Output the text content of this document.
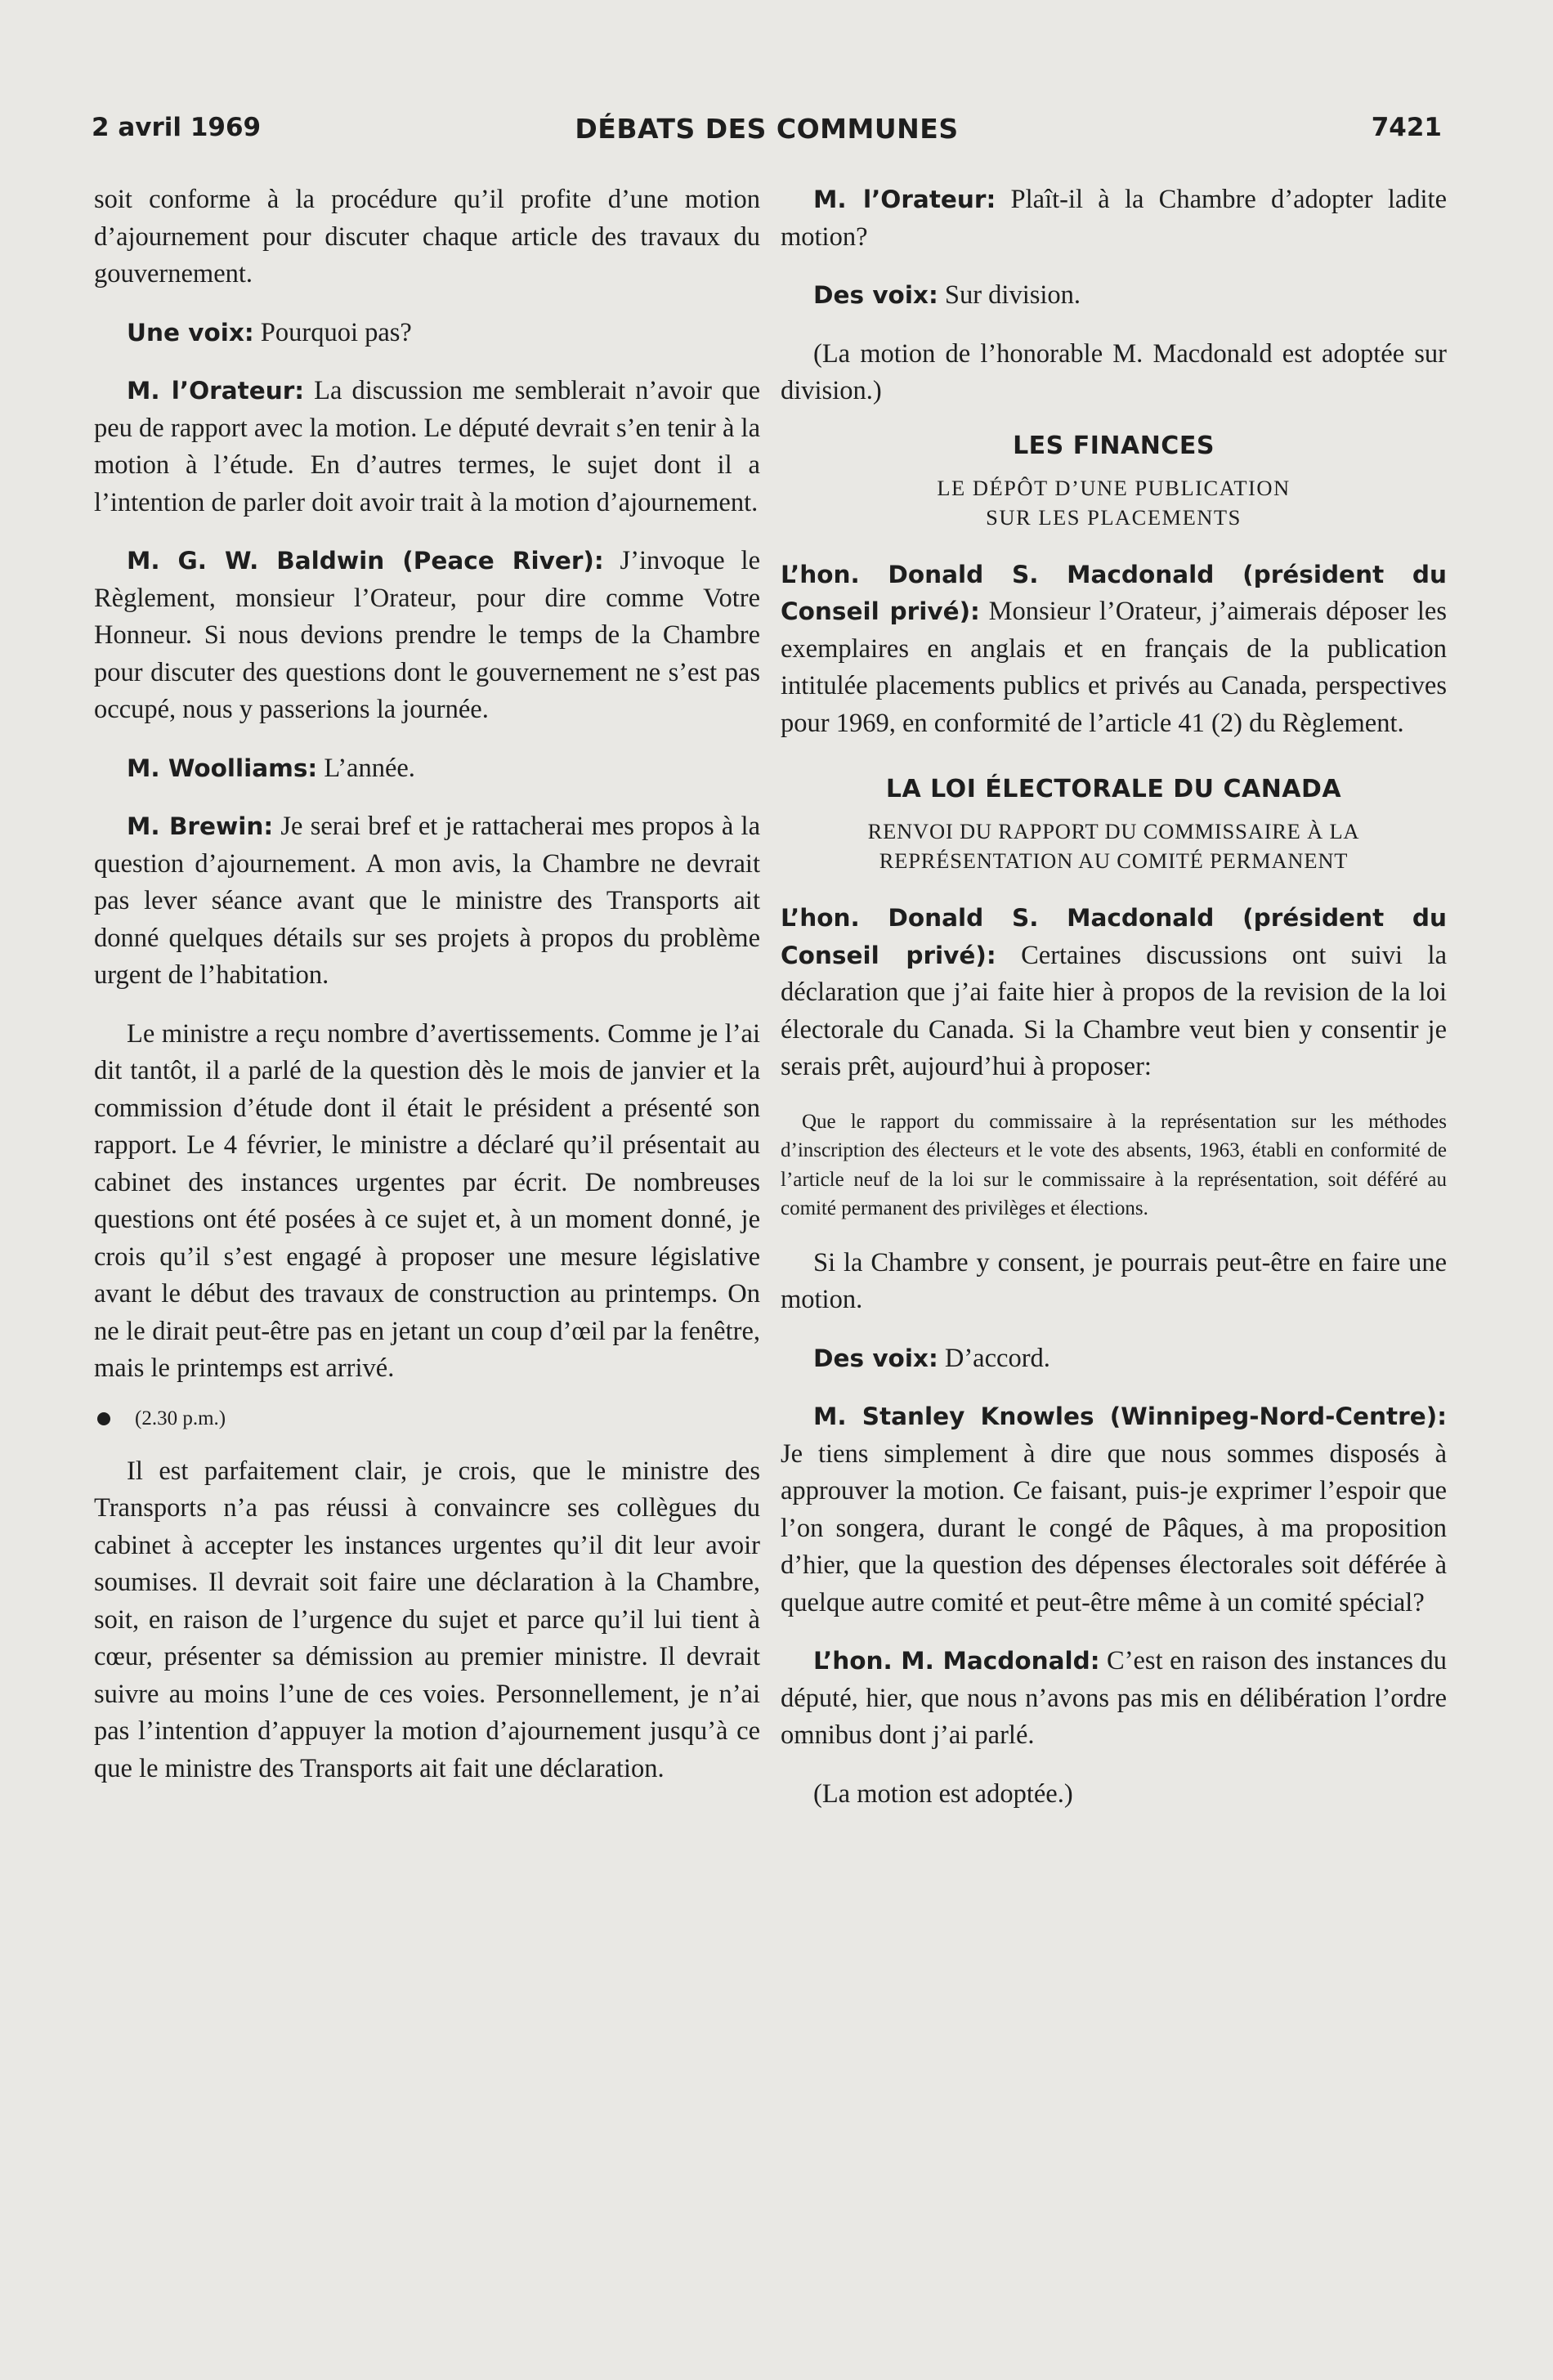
2 avril 1969	DÉBATS DES COMMUNES	7421

soit conforme à la procédure qu’il profite d’une motion d’ajournement pour discuter chaque article des travaux du gouvernement.

Une voix: Pourquoi pas?

M. l’Orateur: La discussion me semblerait n’avoir que peu de rapport avec la motion. Le député devrait s’en tenir à la motion à l’étude. En d’autres termes, le sujet dont il a l’intention de parler doit avoir trait à la motion d’ajournement.

M. G. W. Baldwin (Peace River): J’invoque le Règlement, monsieur l’Orateur, pour dire comme Votre Honneur. Si nous devions prendre le temps de la Chambre pour discuter des questions dont le gouvernement ne s’est pas occupé, nous y passerions la journée.

M. Woolliams: L’année.

M. Brewin: Je serai bref et je rattacherai mes propos à la question d’ajournement. A mon avis, la Chambre ne devrait pas lever séance avant que le ministre des Transports ait donné quelques détails sur ses projets à propos du problème urgent de l’habitation.

Le ministre a reçu nombre d’avertissements. Comme je l’ai dit tantôt, il a parlé de la question dès le mois de janvier et la commission d’étude dont il était le président a présenté son rapport. Le 4 février, le ministre a déclaré qu’il présentait au cabinet des instances urgentes par écrit. De nombreuses questions ont été posées à ce sujet et, à un moment donné, je crois qu’il s’est engagé à proposer une mesure législative avant le début des travaux de construction au printemps. On ne le dirait peut-être pas en jetant un coup d’œil par la fenêtre, mais le printemps est arrivé.

(2.30 p.m.)

Il est parfaitement clair, je crois, que le ministre des Transports n’a pas réussi à convaincre ses collègues du cabinet à accepter les instances urgentes qu’il dit leur avoir soumises. Il devrait soit faire une déclaration à la Chambre, soit, en raison de l’urgence du sujet et parce qu’il lui tient à cœur, présenter sa démission au premier ministre. Il devrait suivre au moins l’une de ces voies. Personnellement, je n’ai pas l’intention d’appuyer la motion d’ajournement jusqu’à ce que le ministre des Transports ait fait une déclaration.

M. l’Orateur: Plaît-il à la Chambre d’adopter ladite motion?

Des voix: Sur division.

(La motion de l’honorable M. Macdonald est adoptée sur division.)

LES FINANCES
LE DÉPÔT D’UNE PUBLICATION
SUR LES PLACEMENTS

L’hon. Donald S. Macdonald (président du Conseil privé): Monsieur l’Orateur, j’aimerais déposer les exemplaires en anglais et en français de la publication intitulée placements publics et privés au Canada, perspectives pour 1969, en conformité de l’article 41 (2) du Règlement.

LA LOI ÉLECTORALE DU CANADA
RENVOI DU RAPPORT DU COMMISSAIRE À LA
REPRÉSENTATION AU COMITÉ PERMANENT

L’hon. Donald S. Macdonald (président du Conseil privé): Certaines discussions ont suivi la déclaration que j’ai faite hier à propos de la revision de la loi électorale du Canada. Si la Chambre veut bien y consentir je serais prêt, aujourd’hui à proposer:

Que le rapport du commissaire à la représentation sur les méthodes d’inscription des électeurs et le vote des absents, 1963, établi en conformité de l’article neuf de la loi sur le commissaire à la représentation, soit déféré au comité permanent des privilèges et élections.

Si la Chambre y consent, je pourrais peut-être en faire une motion.

Des voix: D’accord.

M. Stanley Knowles (Winnipeg-Nord-Centre): Je tiens simplement à dire que nous sommes disposés à approuver la motion. Ce faisant, puis-je exprimer l’espoir que l’on songera, durant le congé de Pâques, à ma proposition d’hier, que la question des dépenses électorales soit déférée à quelque autre comité et peut-être même à un comité spécial?

L’hon. M. Macdonald: C’est en raison des instances du député, hier, que nous n’avons pas mis en délibération l’ordre omnibus dont j’ai parlé.

(La motion est adoptée.)
